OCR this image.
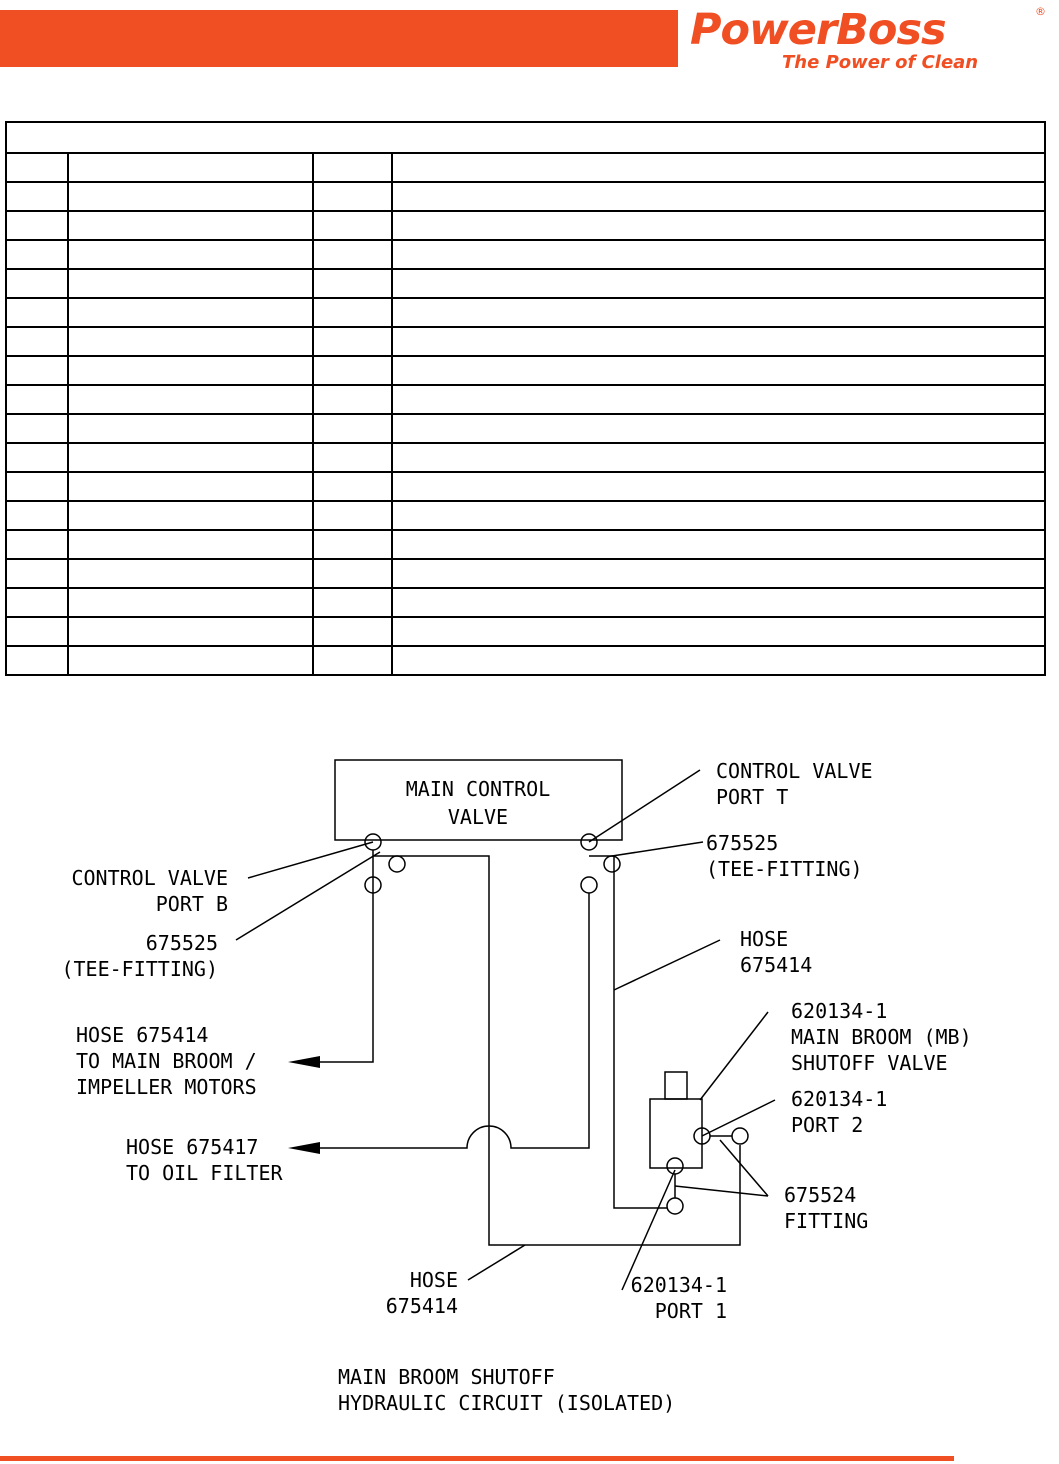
PowerBoss	®
The Power of Clean

MAIN CONTROL
VALVE
CONTROL VALVE
PORT T
675525
(TEE-FITTING)
CONTROL VALVE
PORT B
675525
(TEE-FITTING)
HOSE
675414
620134-1
MAIN BROOM (MB)
SHUTOFF VALVE
HOSE 675414
TO MAIN BROOM /
IMPELLER MOTORS	620134-1
PORT 2
HOSE 675417
TO OIL FILTER
675524
FITTING
HOSE
675414
620134-1
PORT 1
MAIN BROOM SHUTOFF
HYDRAULIC CIRCUIT (ISOLATED)
